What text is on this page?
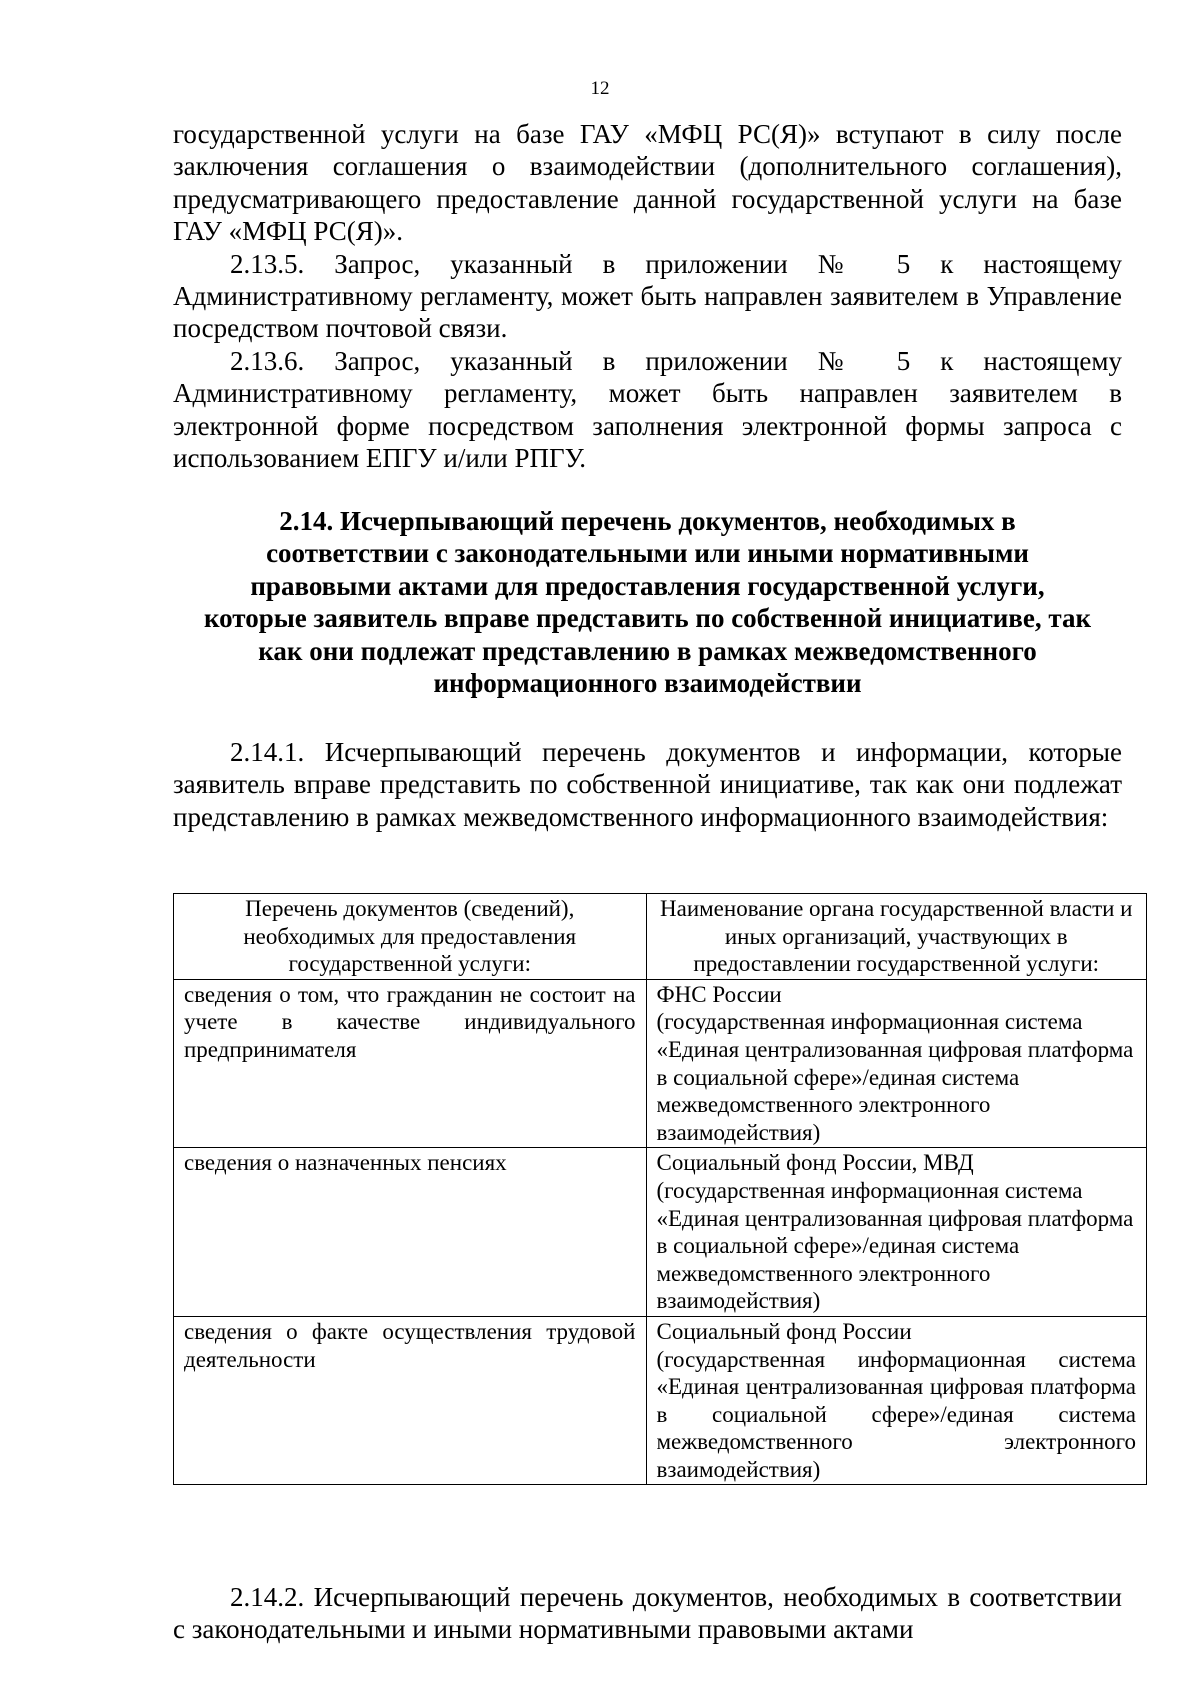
12

государственной услуги на базе ГАУ «МФЦ РС(Я)» вступают в силу после заключения соглашения о взаимодействии (дополнительного соглашения), предусматривающего предоставление данной государственной услуги на базе ГАУ «МФЦ РС(Я)».

2.13.5. Запрос, указанный в приложении № 5 к настоящему Административному регламенту, может быть направлен заявителем в Управление посредством почтовой связи.

2.13.6. Запрос, указанный в приложении № 5 к настоящему Административному регламенту, может быть направлен заявителем в электронной форме посредством заполнения электронной формы запроса с использованием ЕПГУ и/или РПГУ.

2.14. Исчерпывающий перечень документов, необходимых в
соответствии с законодательными или иными нормативными
правовыми актами для предоставления государственной услуги,
которые заявитель вправе представить по собственной инициативе, так
как они подлежат представлению в рамках межведомственного
информационного взаимодействии

2.14.1. Исчерпывающий перечень документов и информации, которые заявитель вправе представить по собственной инициативе, так как они подлежат представлению в рамках межведомственного информационного взаимодействия:

Перечень документов (сведений), необходимых для предоставления государственной услуги:	Наименование органа государственной власти и иных организаций, участвующих в предоставлении государственной услуги:
сведения о том, что гражданин не состоит на учете в качестве индивидуального предпринимателя	ФНС России
(государственная информационная система «Единая централизованная цифровая платформа в социальной сфере»/единая система межведомственного электронного взаимодействия)

сведения о назначенных пенсиях	Социальный фонд России, МВД
(государственная информационная система «Единая централизованная цифровая платформа в социальной сфере»/единая система межведомственного электронного взаимодействия)

сведения о факте осуществления трудовой деятельности	Социальный фонд России
(государственная информационная система «Единая централизованная цифровая платформа в социальной сфере»/единая система межведомственного электронного взаимодействия)

2.14.2. Исчерпывающий перечень документов, необходимых в соответствии с законодательными и иными нормативными правовыми актами
